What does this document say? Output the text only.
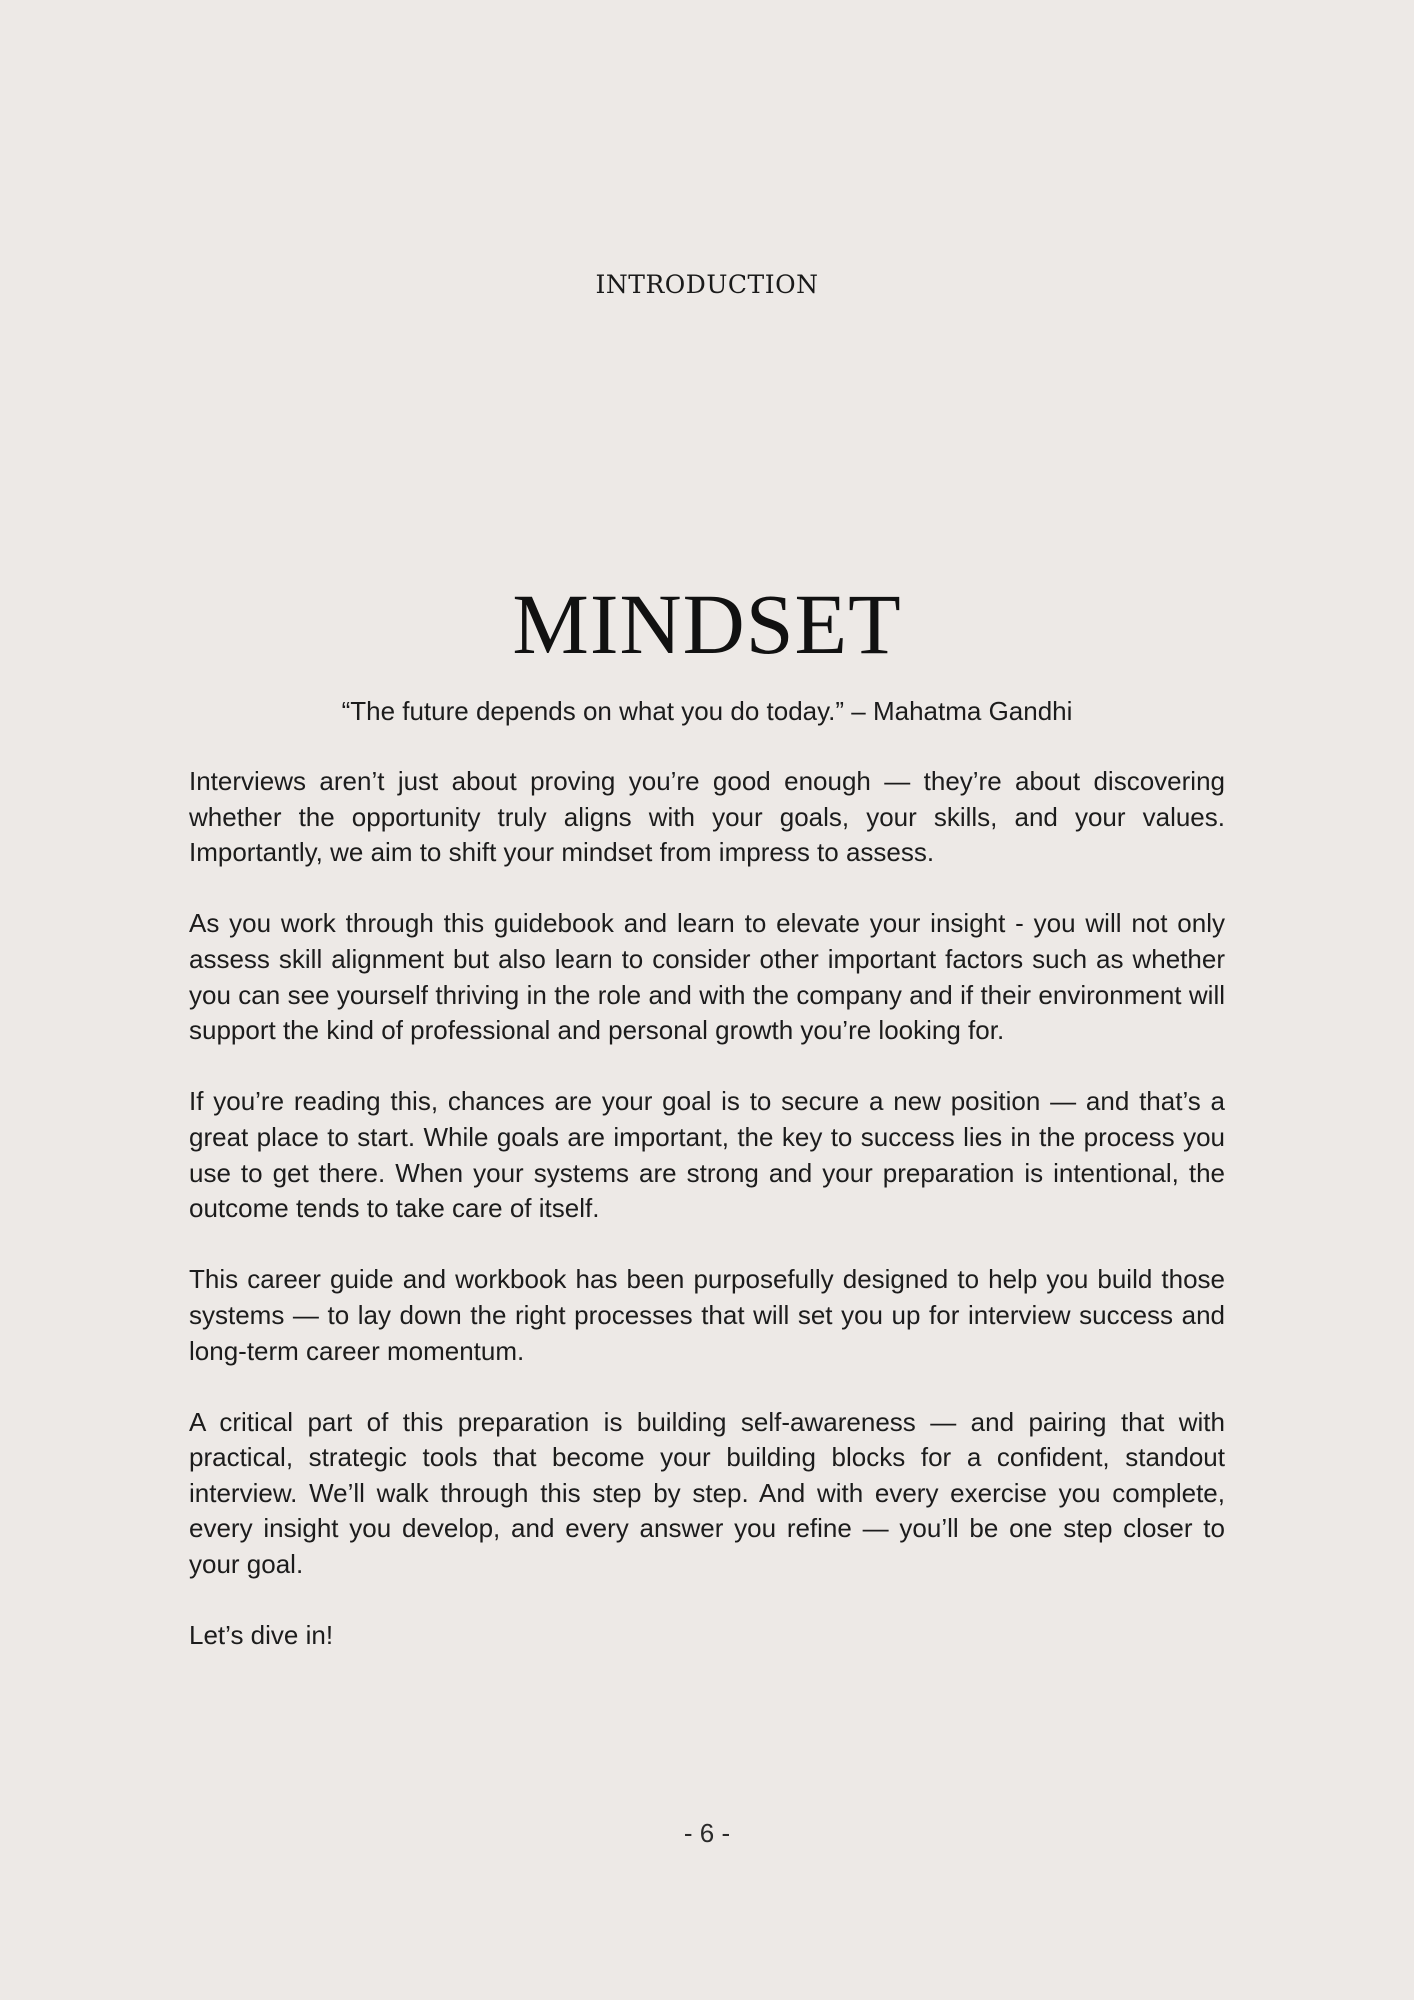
INTRODUCTION
MINDSET
“The future depends on what you do today.” – Mahatma Gandhi

Interviews aren’t just about proving you’re good enough — they’re about discovering whether the opportunity truly aligns with your goals, your skills, and your values. Importantly, we aim to shift your mindset from impress to assess.

As you work through this guidebook and learn to elevate your insight - you will not only assess skill alignment but also learn to consider other important factors such as whether you can see yourself thriving in the role and with the company and if their environment will support the kind of professional and personal growth you’re looking for.

If you’re reading this, chances are your goal is to secure a new position — and that’s a great place to start. While goals are important, the key to success lies in the process you use to get there. When your systems are strong and your preparation is intentional, the outcome tends to take care of itself.

This career guide and workbook has been purposefully designed to help you build those systems — to lay down the right processes that will set you up for interview success and long-term career momentum.

A critical part of this preparation is building self-awareness — and pairing that with practical, strategic tools that become your building blocks for a confident, standout interview. We’ll walk through this step by step. And with every exercise you complete, every insight you develop, and every answer you refine — you’ll be one step closer to your goal.

Let’s dive in!

- 6 -
